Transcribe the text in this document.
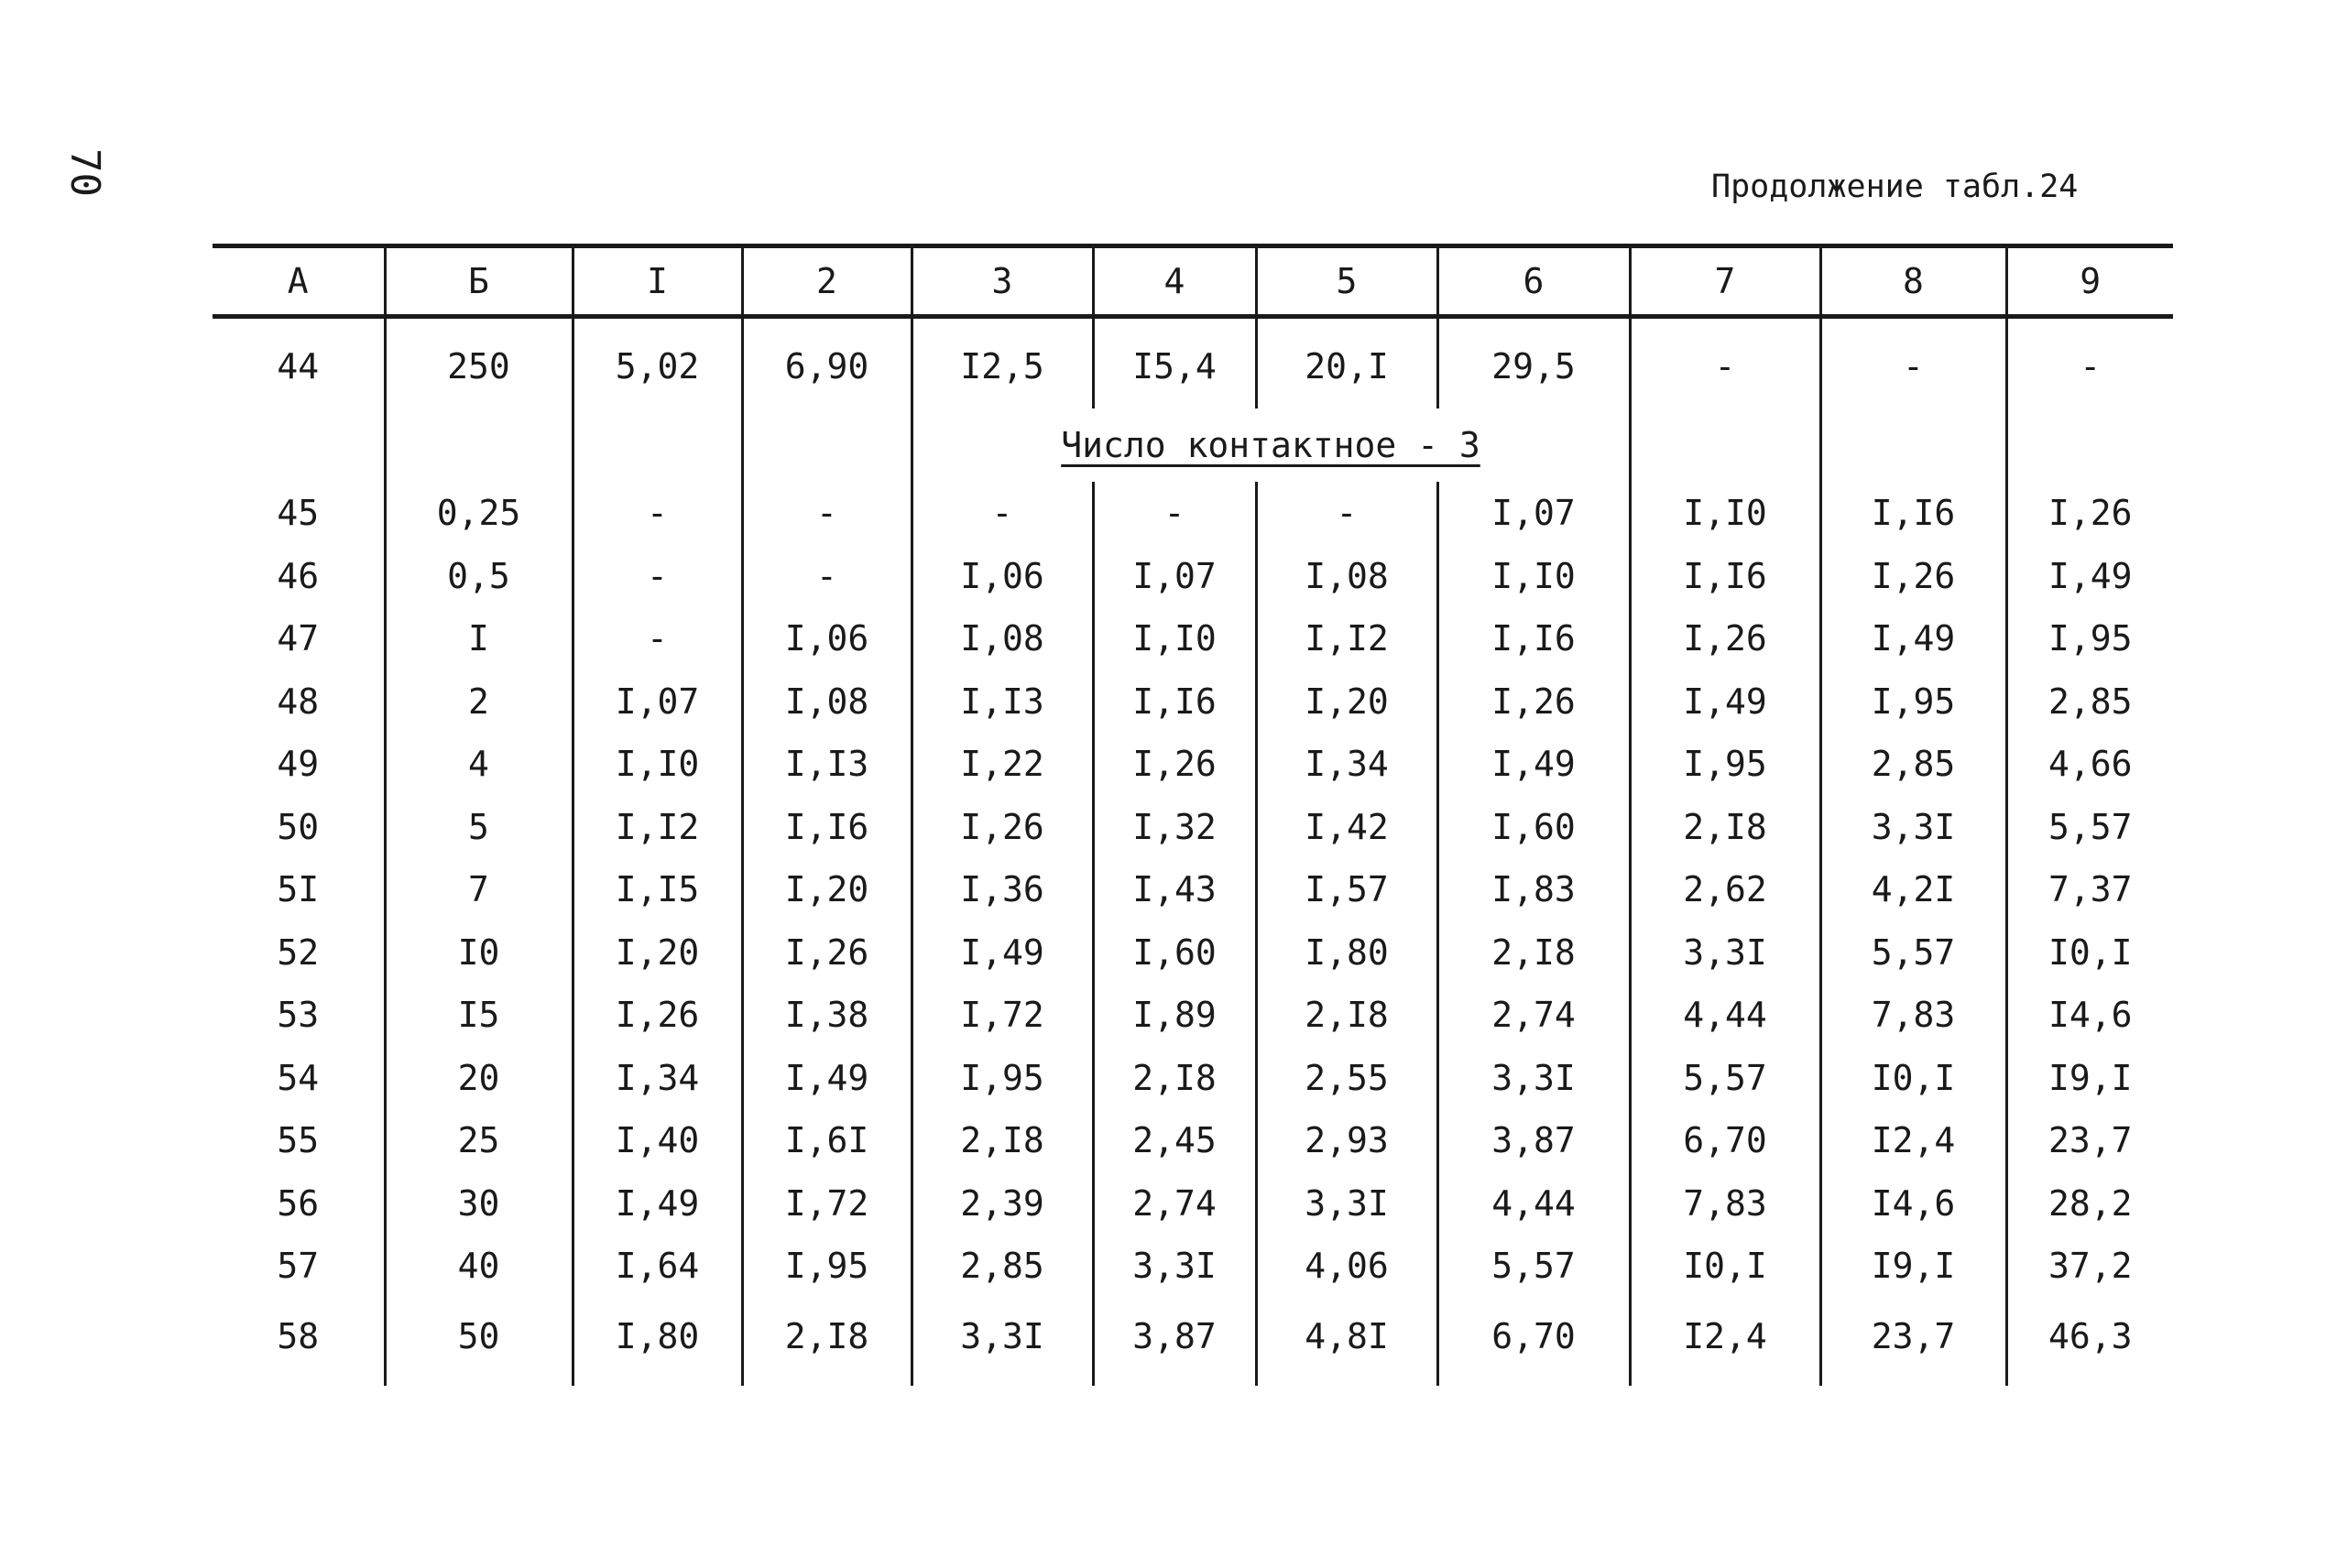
70	Продолжение табл.24
А	Б	I	2	3	4	5	6	7	8	9
44	250	5,02	6,90	I2,5	I5,4	20,I	29,5	-	-	-
				Число контактное - 3						
45	0,25	-	-	-	-	-	I,07	I,I0	I,I6	I,26
46	0,5	-	-	I,06	I,07	I,08	I,I0	I,I6	I,26	I,49
47	I	-	I,06	I,08	I,I0	I,I2	I,I6	I,26	I,49	I,95
48	2	I,07	I,08	I,I3	I,I6	I,20	I,26	I,49	I,95	2,85
49	4	I,I0	I,I3	I,22	I,26	I,34	I,49	I,95	2,85	4,66
50	5	I,I2	I,I6	I,26	I,32	I,42	I,60	2,I8	3,3I	5,57
5I	7	I,I5	I,20	I,36	I,43	I,57	I,83	2,62	4,2I	7,37
52	I0	I,20	I,26	I,49	I,60	I,80	2,I8	3,3I	5,57	I0,I
53	I5	I,26	I,38	I,72	I,89	2,I8	2,74	4,44	7,83	I4,6
54	20	I,34	I,49	I,95	2,I8	2,55	3,3I	5,57	I0,I	I9,I
55	25	I,40	I,6I	2,I8	2,45	2,93	3,87	6,70	I2,4	23,7
56	30	I,49	I,72	2,39	2,74	3,3I	4,44	7,83	I4,6	28,2
57	40	I,64	I,95	2,85	3,3I	4,06	5,57	I0,I	I9,I	37,2
58	50	I,80	2,I8	3,3I	3,87	4,8I	6,70	I2,4	23,7	46,3
